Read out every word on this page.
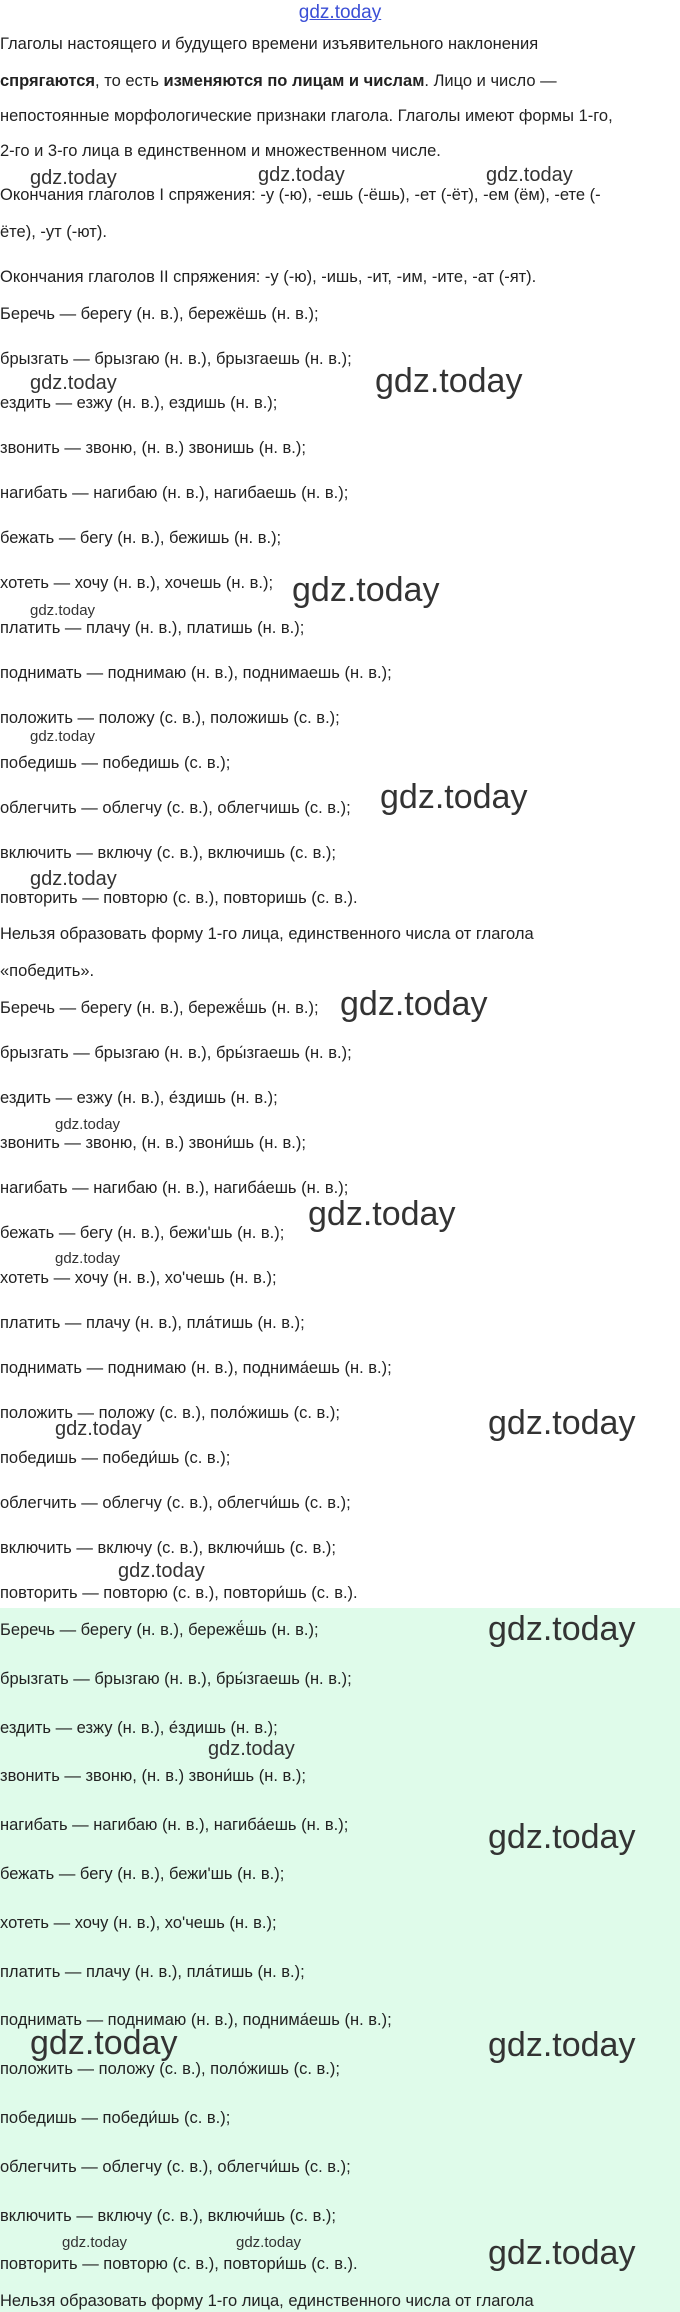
gdz.today
Глаголы настоящего и будущего времени изъявительного наклонения
спрягаются, то есть изменяются по лицам и числам. Лицо и число —
непостоянные морфологические признаки глагола. Глаголы имеют формы 1-го,
2-го и 3-го лица в единственном и множественном числе.
Окончания глаголов I спряжения: -у (-ю), -ешь (-ёшь), -ет (-ёт), -ем (ём), -ете (-
ёте), -ут (-ют).
Окончания глаголов II спряжения: -у (-ю), -ишь, -ит, -им, -ите, -ат (-ят).
Беречь — берегу (н. в.), бережёшь (н. в.);
брызгать — брызгаю (н. в.), брызгаешь (н. в.);
ездить — езжу (н. в.), ездишь (н. в.);
звонить — звоню, (н. в.) звонишь (н. в.);
нагибать — нагибаю (н. в.), нагибаешь (н. в.);
бежать — бегу (н. в.), бежишь (н. в.);
хотеть — хочу (н. в.), хочешь (н. в.);
платить — плачу (н. в.), платишь (н. в.);
поднимать — поднимаю (н. в.), поднимаешь (н. в.);
положить — положу (с. в.), положишь (с. в.);
победишь — победишь (с. в.);
облегчить — облегчу (с. в.), облегчишь (с. в.);
включить — включу (с. в.), включишь (с. в.);
повторить — повторю (с. в.), повторишь (с. в.).
Нельзя образовать форму 1-го лица, единственного числа от глагола
«победить».
Беречь — берегу (н. в.), бережё́шь (н. в.);
брызгать — брызгаю (н. в.), бры́згаешь (н. в.);
ездить — езжу (н. в.), е́здишь (н. в.);
звонить — звоню, (н. в.) звони́шь (н. в.);
нагибать — нагибаю (н. в.), нагиба́ешь (н. в.);
бежать — бегу (н. в.), бежи'шь (н. в.);
хотеть — хочу (н. в.), хо'чешь (н. в.);
платить — плачу (н. в.), пла́тишь (н. в.);
поднимать — поднимаю (н. в.), поднима́ешь (н. в.);
положить — положу (с. в.), поло́жишь (с. в.);
победишь — победи́шь (с. в.);
облегчить — облегчу (с. в.), облегчи́шь (с. в.);
включить — включу (с. в.), включи́шь (с. в.);
повторить — повторю (с. в.), повтори́шь (с. в.).
Беречь — берегу (н. в.), бережё́шь (н. в.);
брызгать — брызгаю (н. в.), бры́згаешь (н. в.);
ездить — езжу (н. в.), е́здишь (н. в.);
звонить — звоню, (н. в.) звони́шь (н. в.);
нагибать — нагибаю (н. в.), нагиба́ешь (н. в.);
бежать — бегу (н. в.), бежи'шь (н. в.);
хотеть — хочу (н. в.), хо'чешь (н. в.);
платить — плачу (н. в.), пла́тишь (н. в.);
поднимать — поднимаю (н. в.), поднима́ешь (н. в.);
положить — положу (с. в.), поло́жишь (с. в.);
победишь — победи́шь (с. в.);
облегчить — облегчу (с. в.), облегчи́шь (с. в.);
включить — включу (с. в.), включи́шь (с. в.);
повторить — повторю (с. в.), повтори́шь (с. в.).
Нельзя образовать форму 1-го лица, единственного числа от глагола
gdz.today	gdz.today	gdz.today
gdz.today	gdz.today
gdz.today
gdz.today
gdz.today
gdz.today
gdz.today
gdz.today
gdz.today
gdz.today
gdz.today
gdz.today
gdz.today
gdz.today
gdz.today
gdz.today
gdz.today
gdz.today	gdz.today
gdz.today	gdz.today	gdz.today
